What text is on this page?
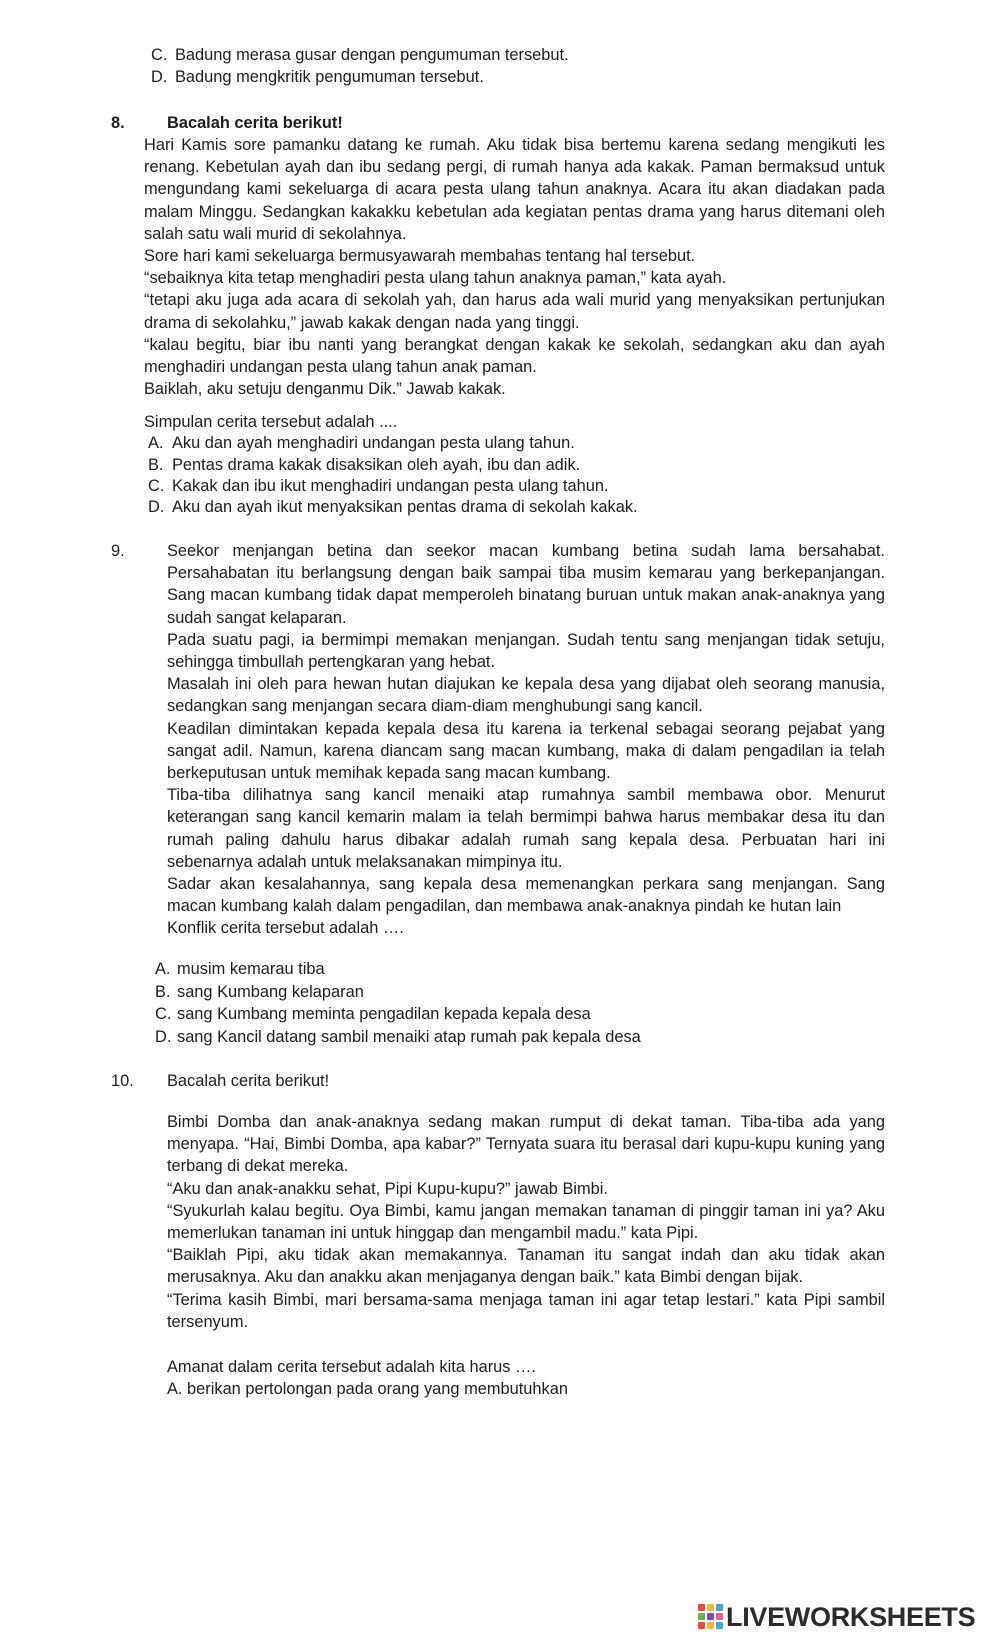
C. Badung merasa gusar dengan pengumuman tersebut.
D. Badung mengkritik pengumuman tersebut.
8.	Bacalah cerita berikut!

Hari Kamis sore pamanku datang ke rumah. Aku tidak bisa bertemu karena sedang mengikuti les renang. Kebetulan ayah dan ibu sedang pergi, di rumah hanya ada kakak. Paman bermaksud untuk mengundang kami sekeluarga di acara pesta ulang tahun anaknya. Acara itu akan diadakan pada malam Minggu. Sedangkan kakakku kebetulan ada kegiatan pentas drama yang harus ditemani oleh salah satu wali murid di sekolahnya.

Sore hari kami sekeluarga bermusyawarah membahas tentang hal tersebut.

“sebaiknya kita tetap menghadiri pesta ulang tahun anaknya paman,” kata ayah.

“tetapi aku juga ada acara di sekolah yah, dan harus ada wali murid yang menyaksikan pertunjukan drama di sekolahku,” jawab kakak dengan nada yang tinggi.

“kalau begitu, biar ibu nanti yang berangkat dengan kakak ke sekolah, sedangkan aku dan ayah menghadiri undangan pesta ulang tahun anak paman.

Baiklah, aku setuju denganmu Dik.” Jawab kakak.

Simpulan cerita tersebut adalah ....
A. Aku dan ayah menghadiri undangan pesta ulang tahun.
B. Pentas drama kakak disaksikan oleh ayah, ibu dan adik.
C. Kakak dan ibu ikut menghadiri undangan pesta ulang tahun.
D. Aku dan ayah ikut menyaksikan pentas drama di sekolah kakak.
9.	Seekor menjangan betina dan seekor macan kumbang betina sudah lama bersahabat. Persahabatan itu berlangsung dengan baik sampai tiba musim kemarau yang berkepanjangan. Sang macan kumbang tidak dapat memperoleh binatang buruan untuk makan anak-anaknya yang sudah sangat kelaparan.

Pada suatu pagi, ia bermimpi memakan menjangan. Sudah tentu sang menjangan tidak setuju, sehingga timbullah pertengkaran yang hebat.

Masalah ini oleh para hewan hutan diajukan ke kepala desa yang dijabat oleh seorang manusia, sedangkan sang menjangan secara diam-diam menghubungi sang kancil.

Keadilan dimintakan kepada kepala desa itu karena ia terkenal sebagai seorang pejabat yang sangat adil. Namun, karena diancam sang macan kumbang, maka di dalam pengadilan ia telah berkeputusan untuk memihak kepada sang macan kumbang.

Tiba-tiba dilihatnya sang kancil menaiki atap rumahnya sambil membawa obor. Menurut keterangan sang kancil kemarin malam ia telah bermimpi bahwa harus membakar desa itu dan rumah paling dahulu harus dibakar adalah rumah sang kepala desa. Perbuatan hari ini sebenarnya adalah untuk melaksanakan mimpinya itu.

Sadar akan kesalahannya, sang kepala desa memenangkan perkara sang menjangan. Sang macan kumbang kalah dalam pengadilan, dan membawa anak-anaknya pindah ke hutan lain

Konflik cerita tersebut adalah ….

A. musim kemarau tiba
B. sang Kumbang kelaparan
C. sang Kumbang meminta pengadilan kepada kepala desa
D. sang Kancil datang sambil menaiki atap rumah pak kepala desa
10. Bacalah cerita berikut!

Bimbi Domba dan anak-anaknya sedang makan rumput di dekat taman. Tiba-tiba ada yang menyapa. “Hai, Bimbi Domba, apa kabar?” Ternyata suara itu berasal dari kupu-kupu kuning yang terbang di dekat mereka.

“Aku dan anak-anakku sehat, Pipi Kupu-kupu?” jawab Bimbi.

“Syukurlah kalau begitu. Oya Bimbi, kamu jangan memakan tanaman di pinggir taman ini ya? Aku memerlukan tanaman ini untuk hinggap dan mengambil madu.” kata Pipi.

“Baiklah Pipi, aku tidak akan memakannya. Tanaman itu sangat indah dan aku tidak akan merusaknya. Aku dan anakku akan menjaganya dengan baik.” kata Bimbi dengan bijak.

“Terima kasih Bimbi, mari bersama-sama menjaga taman ini agar tetap lestari.” kata Pipi sambil tersenyum.

Amanat dalam cerita tersebut adalah kita harus ….
A. berikan pertolongan pada orang yang membutuhkan
LIVEWORKSHEETS
